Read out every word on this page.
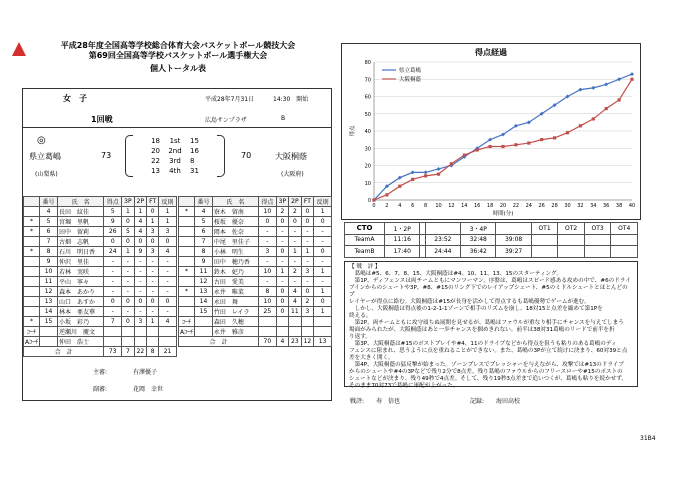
平成28年度全国高等学校総合体育大会バスケットボール競技大会
第69回全国高等学校バスケットボール選手権大会
個人トータル表
女　子	平成28年7月31日	14:30　開始
1回戦	広島サンプラザ	B
◎
県立葛嶋
(山梨県)
73
18	1st	15
20	2nd	16
22	3rd	8
13	4th	31
70	大阪桐蔭
(大阪府)
	番号	氏　名	得点	3P	2P	FT	反則
	4	長田　紋佳	5	1	1	0	1
*	5	宮堀　里帆	9	0	4	1	1
*	6	田中　留莉	26	5	4	3	3
	7	古畑　志帆	0	0	0	0	0
*	8	石川　明日香	24	1	9	3	4
	9	仲沢　里佳	-	-	-	-	-
	10	若林　実咲	-	-	-	-	-
	11	平山　寧々	-	-	-	-	-
	12	森本　あかり	-	-	-	-	-
	13	山口　あすか	0	0	0	0	0
	14	林本　亜友華	-	-	-	-	-
*	15	小坂　彩乃	7	0	3	1	4
ｺｰﾁ		逆瀬川　慶文					
Aｺｰﾁ		仲田　浩士					
合　計			73	7	22	8	21
	番号	氏　名	得点	3P	2P	FT	反則
*	4	寮木　留南	10	2	2	0	1
	5	桜坂　優奈	0	0	0	0	0
	6	岡本　佐奈	-	-	-	-	-
	7	中尾　里佳子	-	-	-	-	-
	8	小林　明生	3	0	1	1	0
	9	田中　穂乃香	-	-	-	-	-
*	11	鈴木　妃乃	10	1	2	3	1
	12	古田　愛美	-	-	-	-	-
*	13	永井　唯菜	8	0	4	0	1
	14	永田　舞	10	0	4	2	0
	15	竹田　レイラ	25	0	11	3	1
ｺｰﾁ		森田　久穂					
Aｺｰﾁ		永井　雅彦					
合　計			70	4	23	12	13
主審:	有澤優子
副審:	花岡　幸世
得点経過
0
10
20
30
40
50
60
70
80
0 2 4 6 8 10 12 14 16 18 20 22 24 26 28 30 32 34 36 38 40
時間(分)
得点
県立葛嶋
大阪桐蔭
CTO	1・2P			3・4P		OT1	OT2	OT3	OT4
TeamA	11:16		23:52	32:48	39:08				
TeamB	17:40		24:44	36:42	39:27				
【 戦　評 】
　葛嶋は#5、6、7、8、15、大阪桐蔭は#4、10、11、13、15のスターティング。
　第1P、ディフェンスは両チームともにマンツーマン。序盤は、葛嶋はスピード感ある攻めの中で、#6のドライ
ブインからのシュートや3P、#8、#15のリング下でのレイアップシュート、#5のミドルシュートとほとんどのプ
レイヤーが得点に絡む。大阪桐蔭は#15が長身を活かして得点するも葛嶋優勢でゲームが進む。
　しかし、大阪桐蔭は得点後の1-2-1-1ゾーンで相手のリズムを崩し、18対15と点差を縮めて第1Pを
終える。
　第2P、両チームともに攻守頑ちぬ展開を見せるが、葛嶋はファウルが重なり相手にチャンスを与えてしまう
場面がみられたが、大阪桐蔭はあと一歩チャンスを掴めきれない。前半は38対31葛嶋のリードで前半を折
り返す。
　第3P、大阪桐蔭は#15のポストプレイや#4、11のドライブなどから得点を狙うも粘りのある葛嶋のディ
フェンスに阻まれ、思うように点を重ねることができない。また、葛嶋の3Pが立て続けに決まり、60対39と点
差を大きく開く。
　第4P、大阪桐蔭の猛反撃が始まった。ゾーンプレスでプレッシャーを与えながら、攻撃では#13のドライブ
からのシュートや#4の3Pなどで残り2分で8点差。残り葛嶋のファウルからのフリースローや#15のポストの
シュートなどが決まり、残り49秒で4点差。そして、残り19秒3点差まで追いつくが、葛嶋も粘りを続かせず、
そのまま70対73で葛嶋に軍配が上がった。
戦評: 寿　信也	記録: 海田高校
31B4
